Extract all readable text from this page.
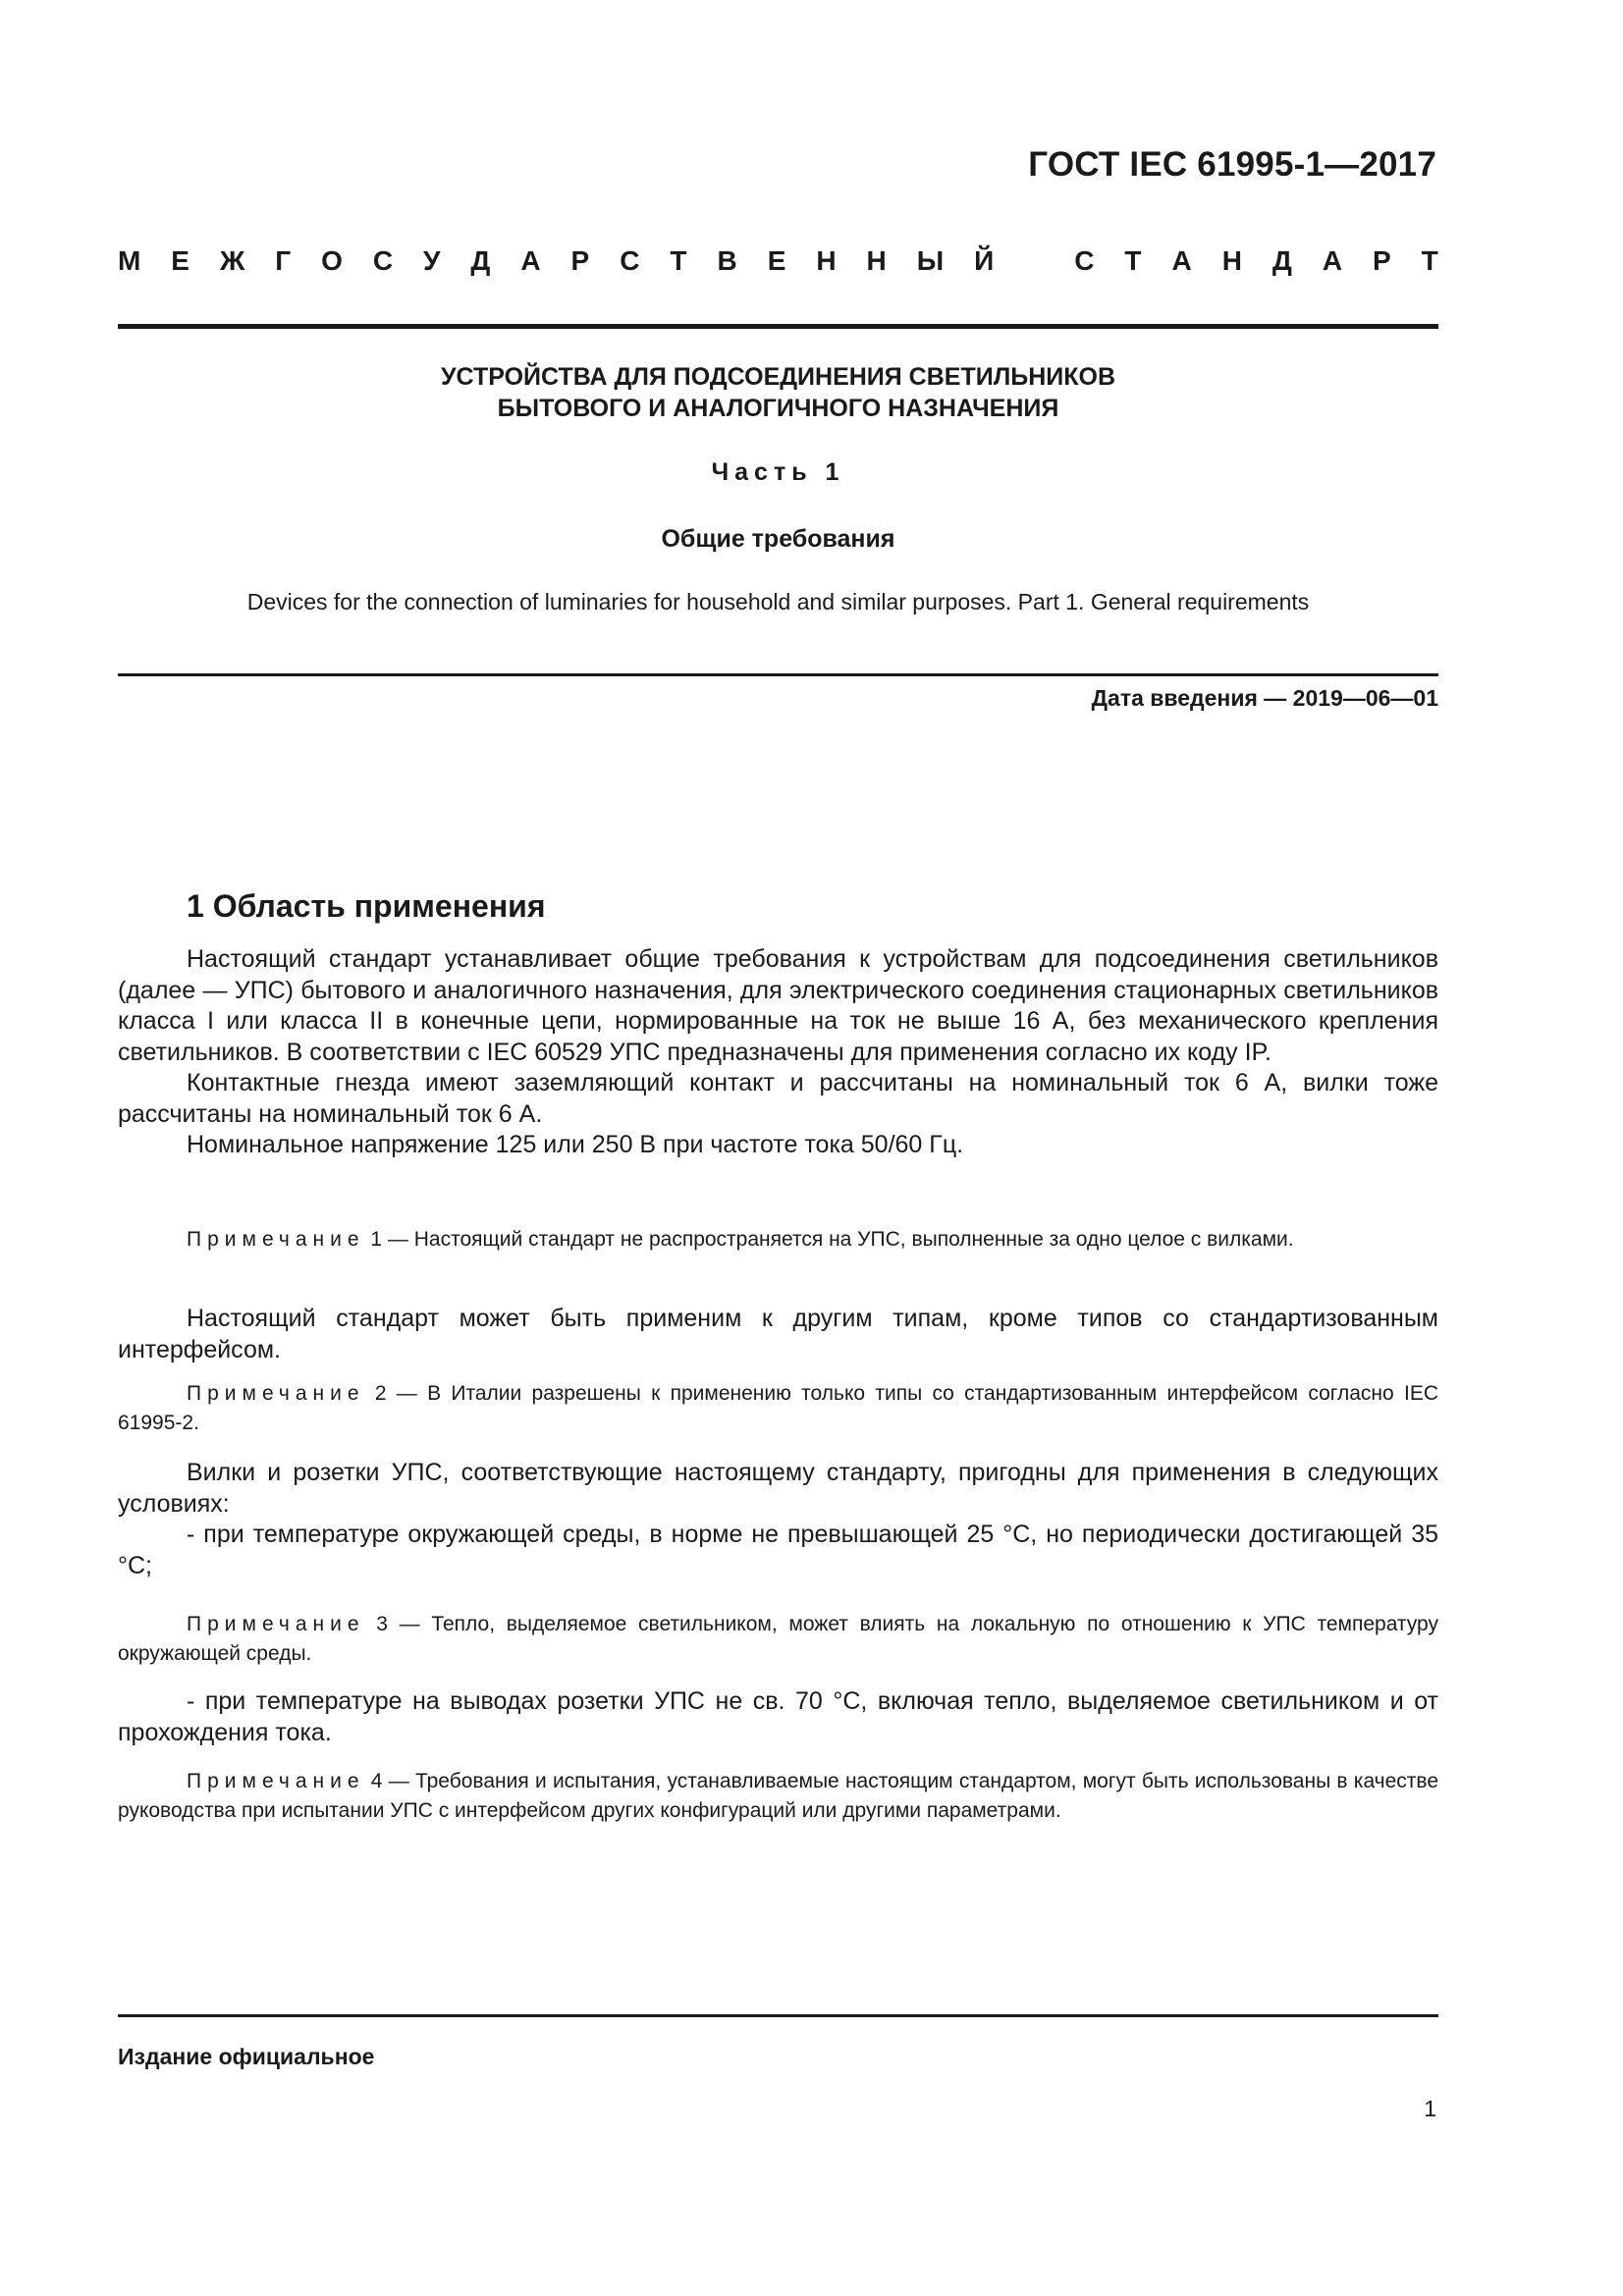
ГОСТ IEC 61995-1—2017
М Е Ж Г О С У Д А Р С Т В Е Н Н Ы Й	С Т А Н Д А Р Т
УСТРОЙСТВА ДЛЯ ПОДСОЕДИНЕНИЯ СВЕТИЛЬНИКОВ
БЫТОВОГО И АНАЛОГИЧНОГО НАЗНАЧЕНИЯ
Часть 1
Общие требования
Devices for the connection of luminaries for household and similar purposes. Part 1. General requirements
Дата введения — 2019—06—01
1 Область применения

Настоящий стандарт устанавливает общие требования к устройствам для подсоединения светильников (далее — УПС) бытового и аналогичного назначения, для электрического соединения стационарных светильников класса I или класса II в конечные цепи, нормированные на ток не выше 16 А, без механического крепления светильников. В соответствии с IEC 60529 УПС предназначены для применения согласно их коду IP.

Контактные гнезда имеют заземляющий контакт и рассчитаны на номинальный ток 6 А, вилки тоже рассчитаны на номинальный ток 6 А.

Номинальное напряжение 125 или 250 В при частоте тока 50/60 Гц.

Примечание 1 — Настоящий стандарт не распространяется на УПС, выполненные за одно целое с вилками.

Настоящий стандарт может быть применим к другим типам, кроме типов со стандартизованным интерфейсом.

Примечание 2 — В Италии разрешены к применению только типы со стандартизованным интерфейсом согласно IEC 61995-2.

Вилки и розетки УПС, соответствующие настоящему стандарту, пригодны для применения в следующих условиях:

- при температуре окружающей среды, в норме не превышающей 25 °C, но периодически достигающей 35 °C;

Примечание 3 — Тепло, выделяемое светильником, может влиять на локальную по отношению к УПС температуру окружающей среды.

- при температуре на выводах розетки УПС не св. 70 °C, включая тепло, выделяемое светильником и от прохождения тока.

Примечание 4 — Требования и испытания, устанавливаемые настоящим стандартом, могут быть использованы в качестве руководства при испытании УПС с интерфейсом других конфигураций или другими параметрами.

Издание официальное
1
